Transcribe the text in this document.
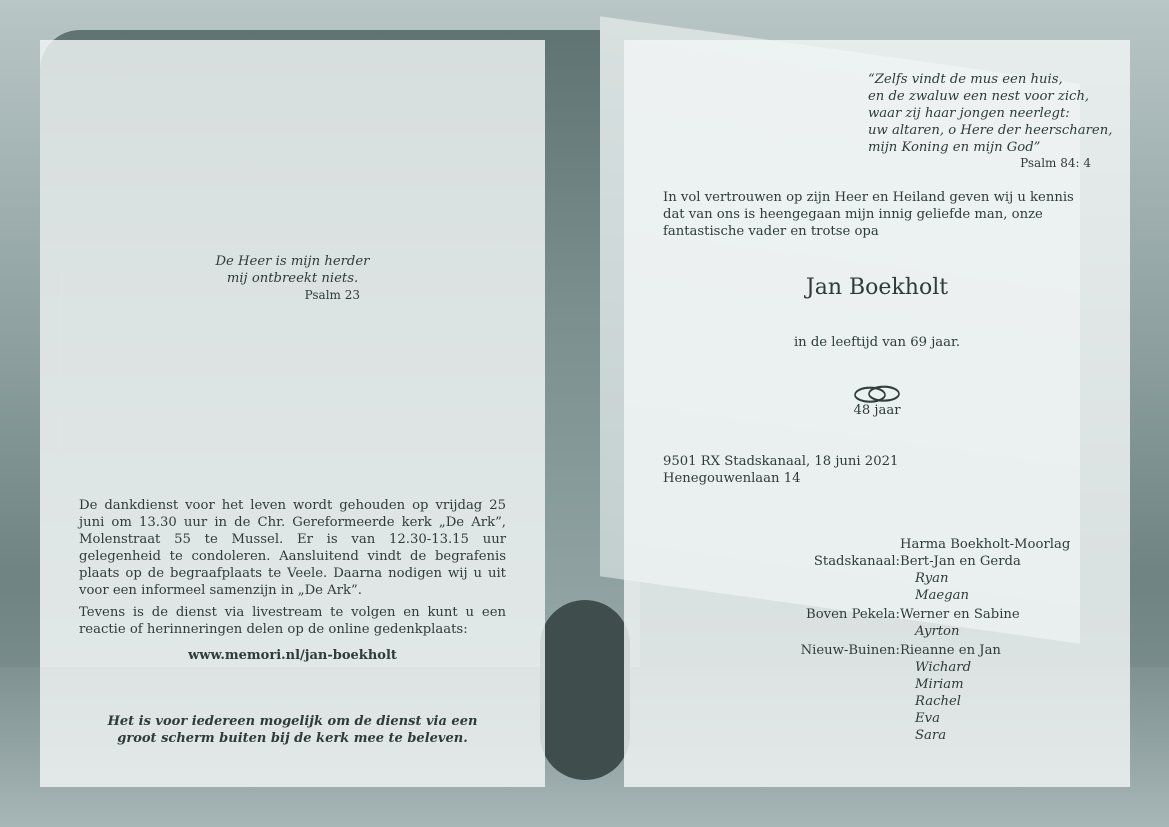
De Heer is mijn herder
mij ontbreekt niets.
Psalm 23
De dankdienst voor het leven wordt gehouden op vrijdag 25 juni om 13.30 uur in de Chr. Gereformeerde kerk „De Ark”, Molenstraat 55 te Mussel. Er is van 12.30-13.15 uur gelegenheid te condoleren. Aansluitend vindt de begrafenis plaats op de begraafplaats te Veele. Daarna nodigen wij u uit voor een informeel samenzijn in „De Ark”.
Tevens is de dienst via livestream te volgen en kunt u een reactie of herinneringen delen op de online gedenkplaats:
www.memori.nl/jan-boekholt
Het is voor iedereen mogelijk om de dienst via een
groot scherm buiten bij de kerk mee te beleven.
“Zelfs vindt de mus een huis,
en de zwaluw een nest voor zich,
waar zij haar jongen neerlegt:
uw altaren, o Here der heerscharen,
mijn Koning en mijn God”
Psalm 84: 4
In vol vertrouwen op zijn Heer en Heiland geven wij u kennis dat van ons is heengegaan mijn innig geliefde man, onze fantastische vader en trotse opa
Jan Boekholt
in de leeftijd van 69 jaar.
48 jaar
9501 RX Stadskanaal, 18 juni 2021
Henegouwenlaan 14
Harma Boekholt-Moorlag
Stadskanaal: Bert-Jan en Gerda
Ryan
Maegan
Boven Pekela: Werner en Sabine
Ayrton
Nieuw-Buinen: Rieanne en Jan
Wichard
Miriam
Rachel
Eva
Sara
